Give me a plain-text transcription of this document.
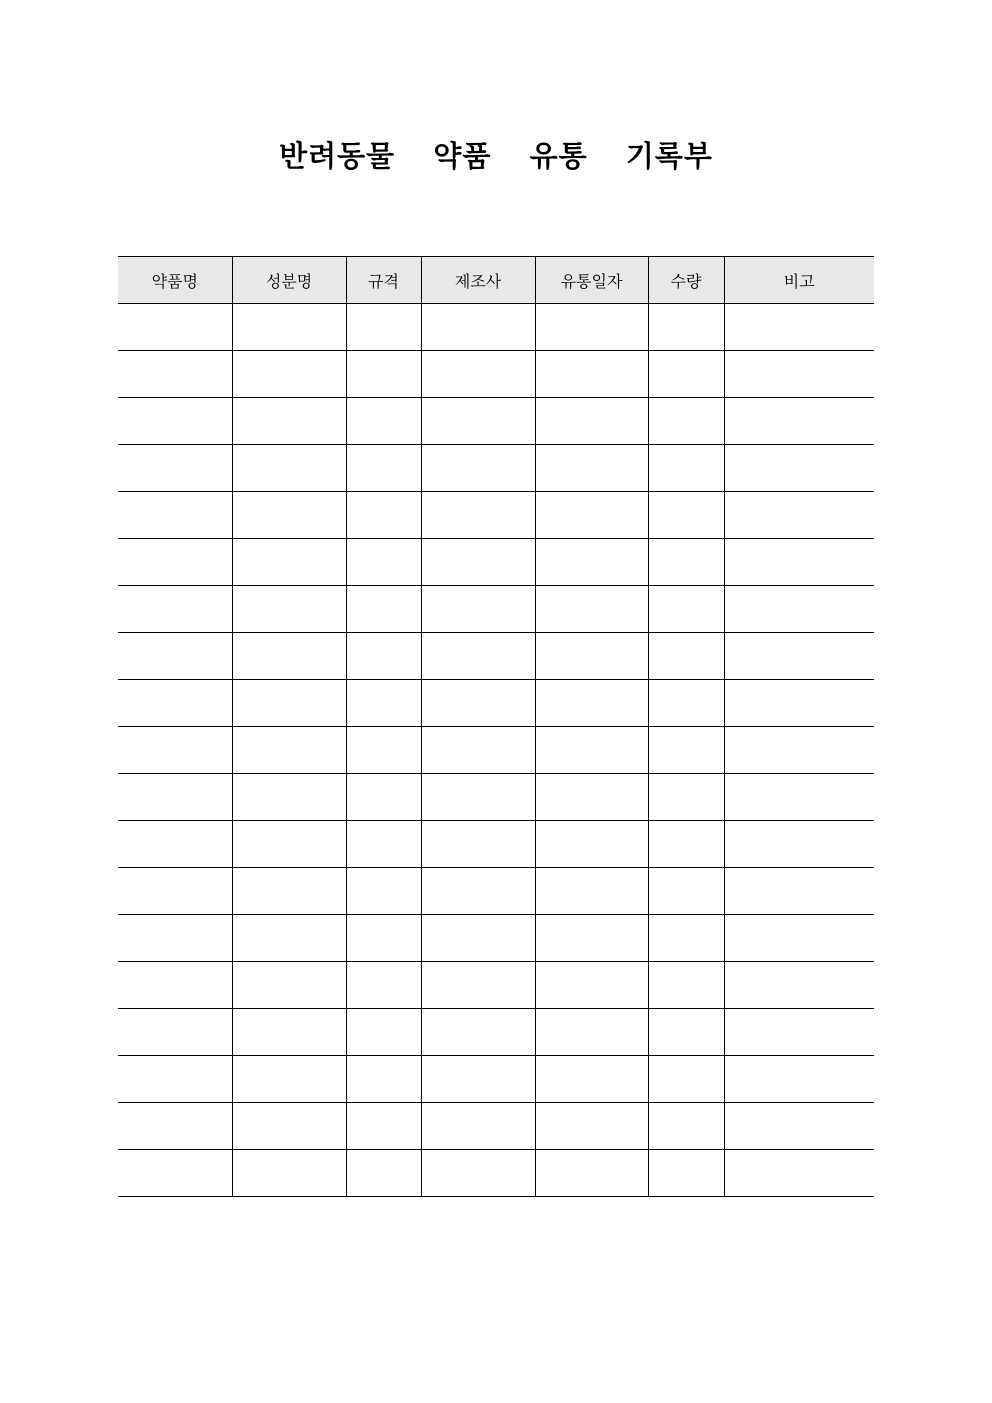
반려동물  약품  유통  기록부
약품명	성분명	규격	제조사	유통일자	수량	비고
